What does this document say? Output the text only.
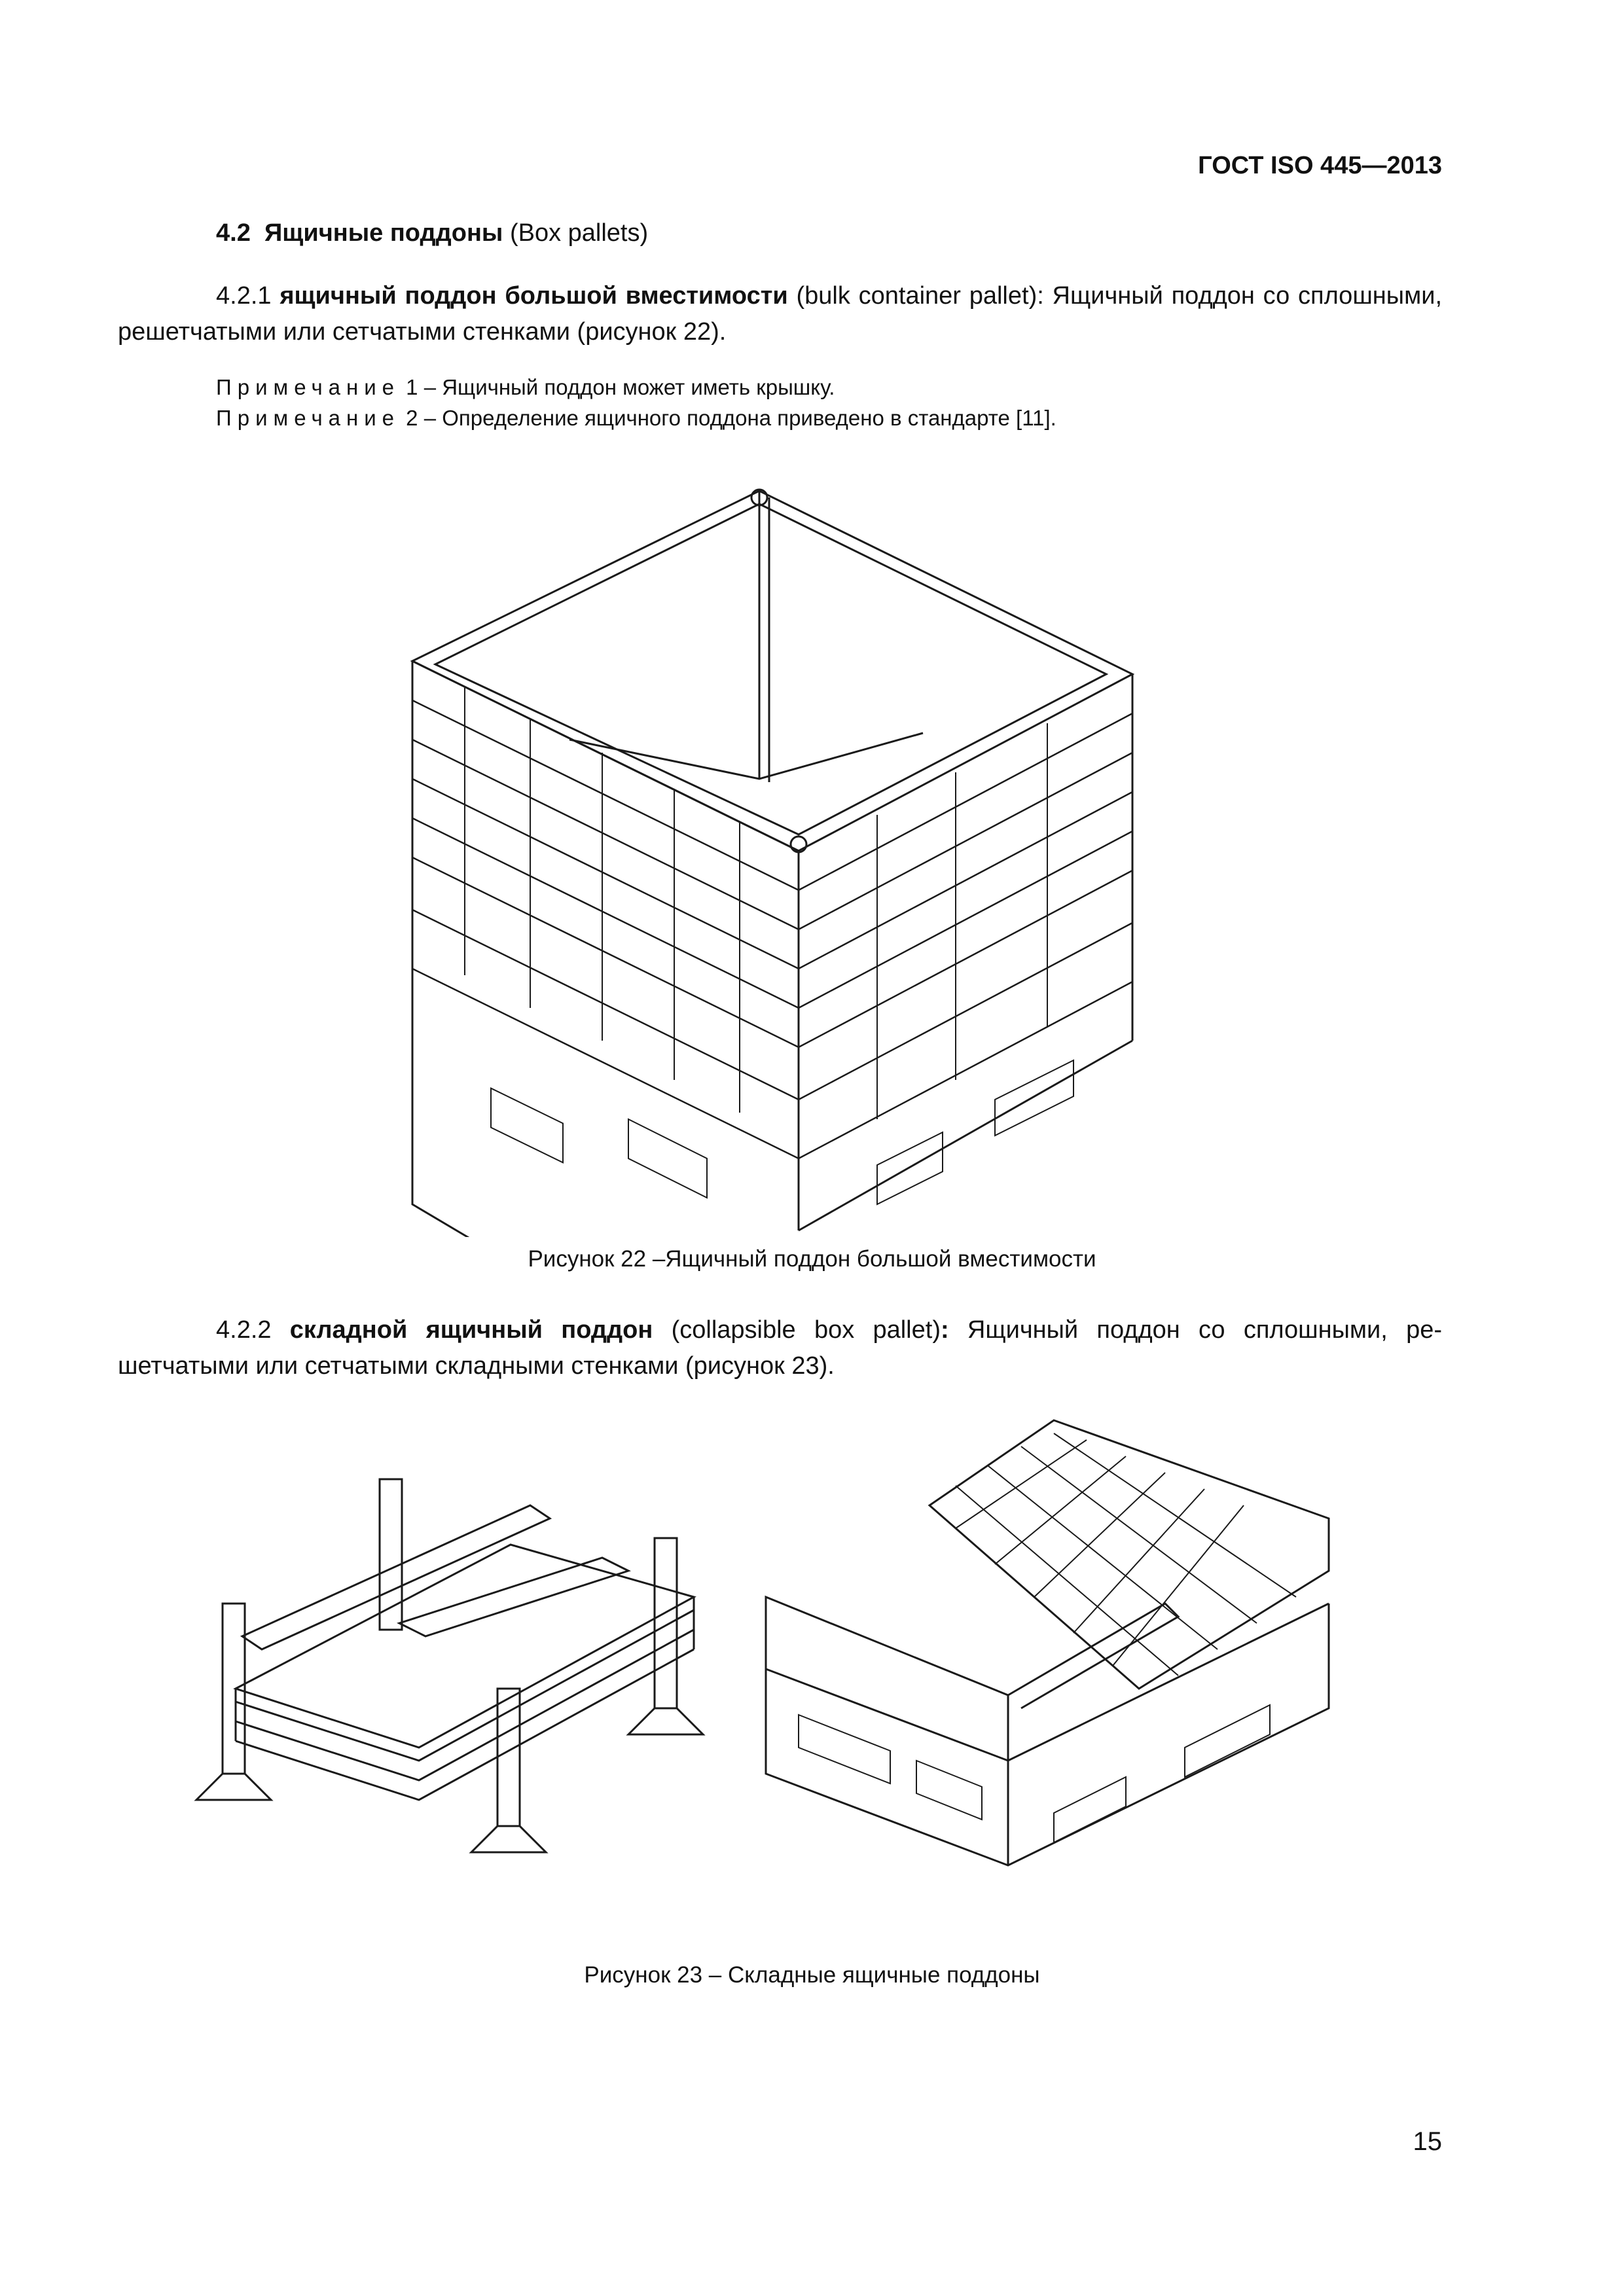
ГОСТ ISO 445—2013
4.2 Ящичные поддоны (Box pallets)
4.2.1 ящичный поддон большой вместимости (bulk container pallet): Ящичный поддон со сплошными, решетчатыми или сетчатыми стенками (рисунок 22).
Примечание 1 – Ящичный поддон может иметь крышку.
Примечание 2 – Определение ящичного поддона приведено в стандарте [11].
Рисунок 22 –Ящичный поддон большой вместимости
4.2.2 складной ящичный поддон (collapsible box pallet): Ящичный поддон со сплошными, ре-шетчатыми или сетчатыми складными стенками (рисунок 23).
Рисунок 23 – Складные ящичные поддоны
15
